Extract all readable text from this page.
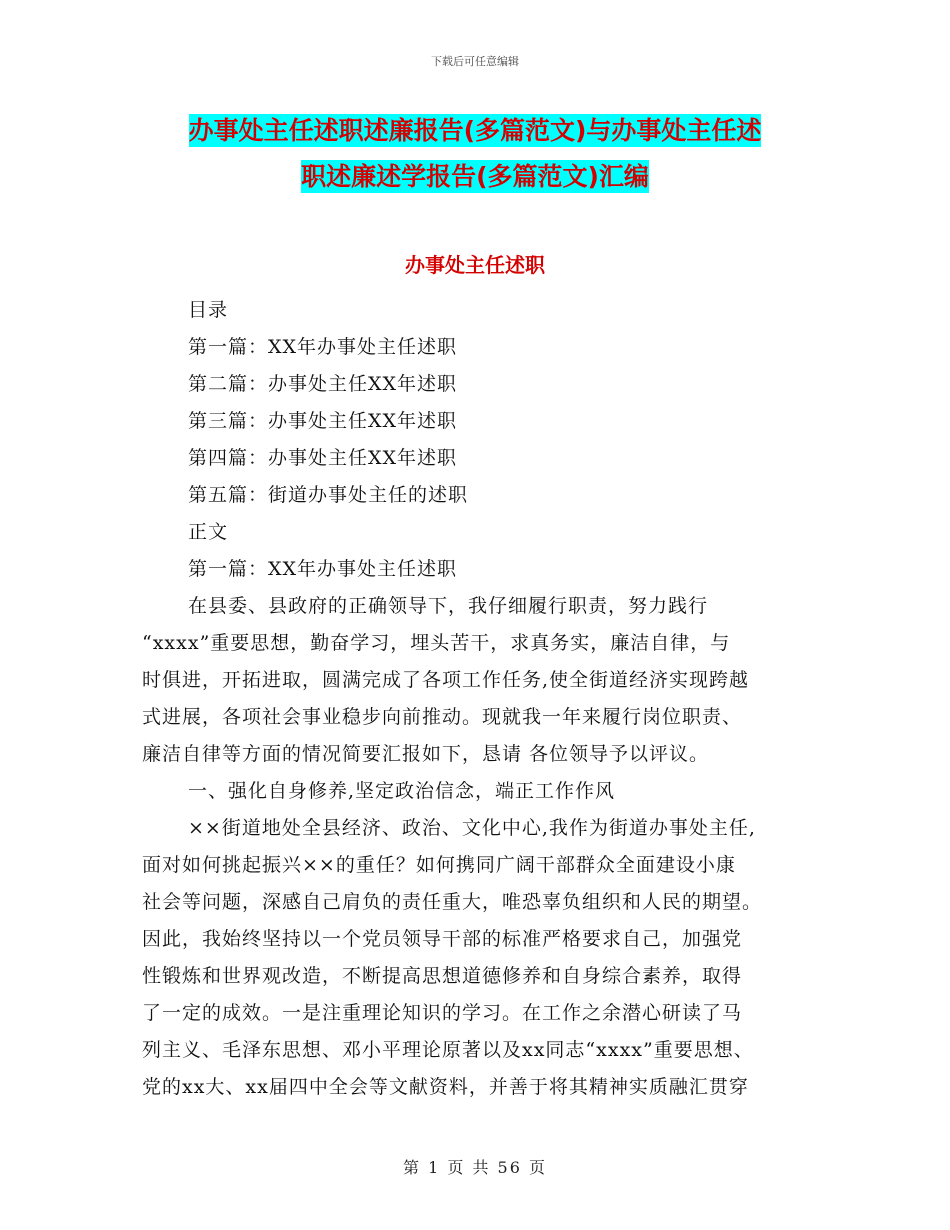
下载后可任意编辑
办事处主任述职述廉报告(多篇范文)与办事处主任述
职述廉述学报告(多篇范文)汇编
办事处主任述职
目录
第一篇：XX年办事处主任述职
第二篇：办事处主任XX年述职
第三篇：办事处主任XX年述职
第四篇：办事处主任XX年述职
第五篇：街道办事处主任的述职
正文
第一篇：XX年办事处主任述职
在县委、县政府的正确领导下，我仔细履行职责，努力践行
“xxxx”重要思想，勤奋学习，埋头苦干，求真务实，廉洁自律，与
时俱进，开拓进取，圆满完成了各项工作任务,使全街道经济实现跨越
式进展，各项社会事业稳步向前推动。现就我一年来履行岗位职责、
廉洁自律等方面的情况简要汇报如下，恳请 各位领导予以评议。
一、强化自身修养,坚定政治信念，端正工作作风
××街道地处全县经济、政治、文化中心,我作为街道办事处主任,
面对如何挑起振兴××的重任？如何携同广阔干部群众全面建设小康
社会等问题，深感自己肩负的责任重大，唯恐辜负组织和人民的期望。
因此，我始终坚持以一个党员领导干部的标准严格要求自己，加强党
性锻炼和世界观改造，不断提高思想道德修养和自身综合素养，取得
了一定的成效。一是注重理论知识的学习。在工作之余潜心研读了马
列主义、毛泽东思想、邓小平理论原著以及xx同志“xxxx”重要思想、
党的xx大、xx届四中全会等文献资料，并善于将其精神实质融汇贯穿
第 1 页 共 56 页
